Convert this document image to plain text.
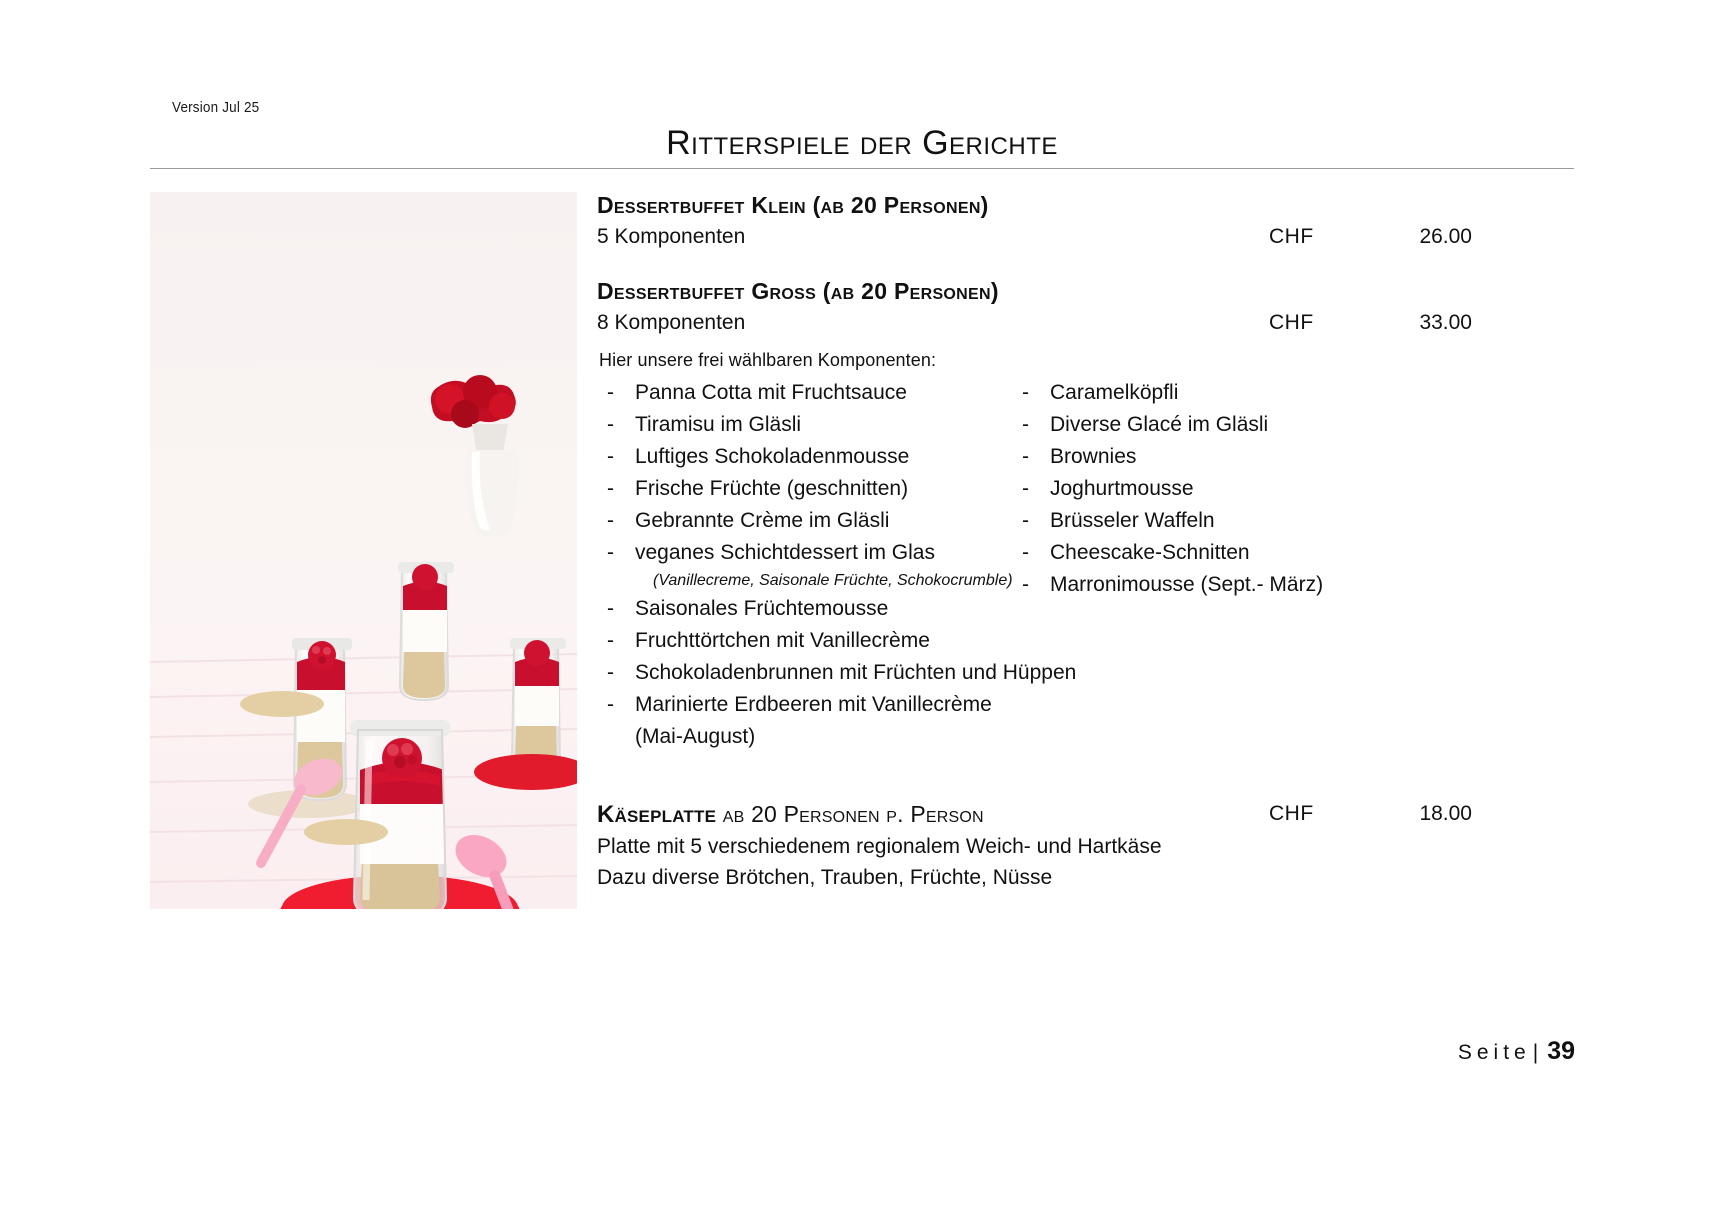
Version Jul 25
Ritterspiele der Gerichte
Dessertbuffet Klein (ab 20 Personen)
5 Komponenten	CHF	26.00
Dessertbuffet Gross (ab 20 Personen)
8 Komponenten	CHF	33.00
Hier unsere frei wählbaren Komponenten:
- Panna Cotta mit Fruchtsauce
- Tiramisu im Gläsli
- Luftiges Schokoladenmousse
- Frische Früchte (geschnitten)
- Gebrannte Crème im Gläsli
- veganes Schichtdessert im Glas
(Vanillecreme, Saisonale Früchte, Schokocrumble)
- Saisonales Früchtemousse
- Fruchttörtchen mit Vanillecrème
- Schokoladenbrunnen mit Früchten und Hüppen
- Marinierte Erdbeeren mit Vanillecrème
(Mai-August)
- Caramelköpfli
- Diverse Glacé im Gläsli
- Brownies
- Joghurtmousse
- Brüsseler Waffeln
- Cheescake-Schnitten
- Marronimousse (Sept.- März)
Käseplatte ab 20 Personen p. Person	CHF	18.00
Platte mit 5 verschiedenem regionalem Weich- und Hartkäse
Dazu diverse Brötchen, Trauben, Früchte, Nüsse
Seite | 39
